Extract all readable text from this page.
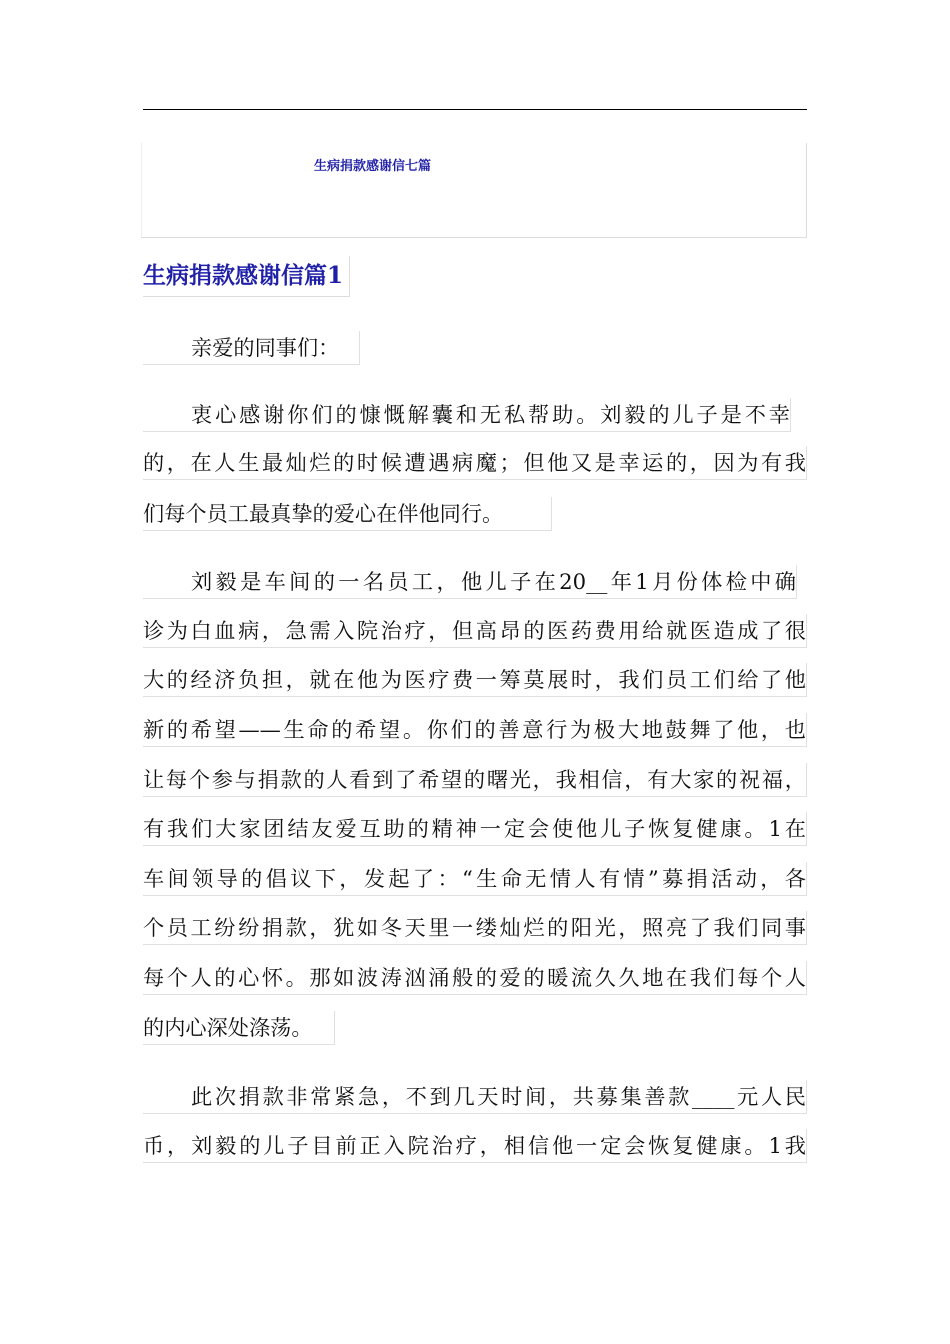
生病捐款感谢信七篇
生病捐款感谢信篇1
亲爱的同事们：
衷心感谢你们的慷慨解囊和无私帮助。刘毅的儿子是不幸
的，在人生最灿烂的时候遭遇病魔；但他又是幸运的，因为有我
们每个员工最真挚的爱心在伴他同行。
刘毅是车间的一名员工，他儿子在20__年1月份体检中确
诊为白血病，急需入院治疗，但高昂的医药费用给就医造成了很
大的经济负担，就在他为医疗费一筹莫展时，我们员工们给了他
新的希望——生命的希望。你们的善意行为极大地鼓舞了他，也
让每个参与捐款的人看到了希望的曙光，我相信，有大家的祝福，
有我们大家团结友爱互助的精神一定会使他儿子恢复健康。1在
车间领导的倡议下，发起了：“生命无情人有情”募捐活动，各
个员工纷纷捐款，犹如冬天里一缕灿烂的阳光，照亮了我们同事
每个人的心怀。那如波涛汹涌般的爱的暖流久久地在我们每个人
的内心深处涤荡。
此次捐款非常紧急，不到几天时间，共募集善款____元人民
币，刘毅的儿子目前正入院治疗，相信他一定会恢复健康。1我
